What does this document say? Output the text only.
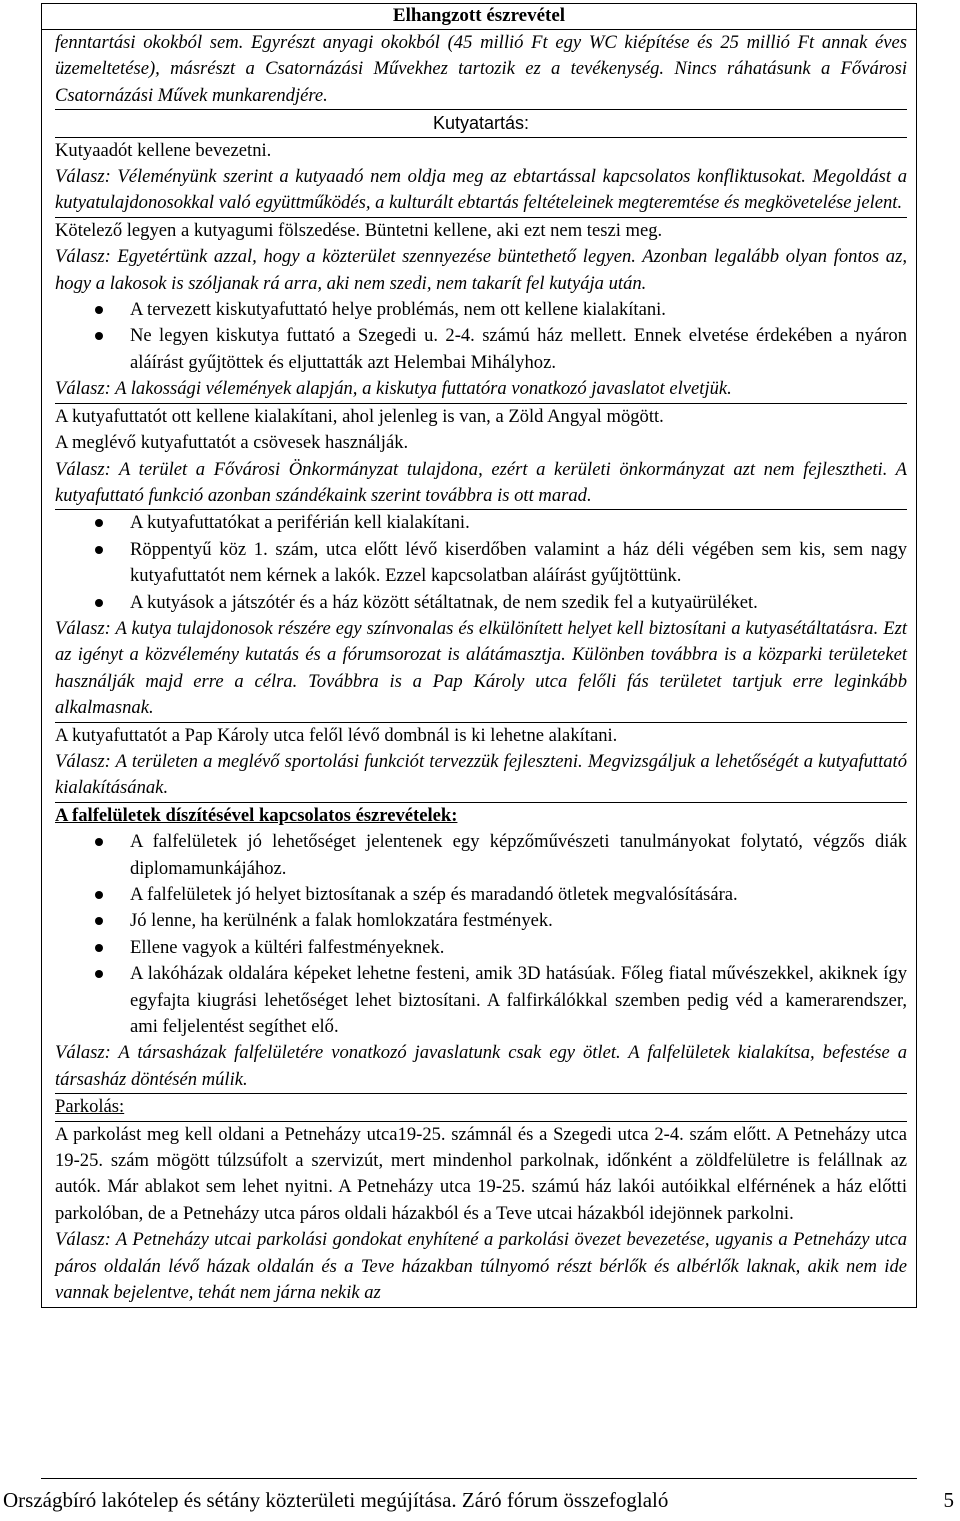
Elhangzott észrevétel
fenntartási okokból sem. Egyrészt anyagi okokból (45 millió Ft egy WC kiépítése és 25 millió Ft annak éves üzemeltetése), másrészt a Csatornázási Művekhez tartozik ez a tevékenység. Nincs ráhatásunk a Fővárosi Csatornázási Művek munkarendjére.
Kutyatartás:
Kutyaadót kellene bevezetni.
Válasz: Véleményünk szerint a kutyaadó nem oldja meg az ebtartással kapcsolatos konfliktusokat. Megoldást a kutyatulajdonosokkal való együttműködés, a kulturált ebtartás feltételeinek megteremtése és megkövetelése jelent.
Kötelező legyen a kutyagumi fölszedése. Büntetni kellene, aki ezt nem teszi meg.
Válasz: Egyetértünk azzal, hogy a közterület szennyezése büntethető legyen. Azonban legalább olyan fontos az, hogy a lakosok is szóljanak rá arra, aki nem szedi, nem takarít fel kutyája után.
A tervezett kiskutyafuttató helye problémás, nem ott kellene kialakítani.
Ne legyen kiskutya futtató a Szegedi u. 2-4. számú ház mellett. Ennek elvetése érdekében a nyáron aláírást gyűjtöttek és eljuttatták azt Helembai Mihályhoz.
Válasz: A lakossági vélemények alapján, a kiskutya futtatóra vonatkozó javaslatot elvetjük.
A kutyafuttatót ott kellene kialakítani, ahol jelenleg is van, a Zöld Angyal mögött.
A meglévő kutyafuttatót a csövesek használják.
Válasz: A terület a Fővárosi Önkormányzat tulajdona, ezért a kerületi önkormányzat azt nem fejlesztheti. A kutyafuttató funkció azonban szándékaink szerint továbbra is ott marad.
A kutyafuttatókat a periférián kell kialakítani.
Röppentyű köz 1. szám, utca előtt lévő kiserdőben valamint a ház déli végében sem kis, sem nagy kutyafuttatót nem kérnek a lakók. Ezzel kapcsolatban aláírást gyűjtöttünk.
A kutyások a játszótér és a ház között sétáltatnak, de nem szedik fel a kutyaürüléket.
Válasz: A kutya tulajdonosok részére egy színvonalas és elkülönített helyet kell biztosítani a kutyasétáltatásra. Ezt az igényt a közvélemény kutatás és a fórumsorozat is alátámasztja. Különben továbbra is a közparki területeket használják majd erre a célra. Továbbra is a Pap Károly utca felőli fás területet tartjuk erre leginkább alkalmasnak.
A kutyafuttatót a Pap Károly utca felől lévő dombnál is ki lehetne alakítani.
Válasz: A területen a meglévő sportolási funkciót tervezzük fejleszteni. Megvizsgáljuk a lehetőségét a kutyafuttató kialakításának.
A falfelületek díszítésével kapcsolatos észrevételek:
A falfelületek jó lehetőséget jelentenek egy képzőművészeti tanulmányokat folytató, végzős diák diplomamunkájához.
A falfelületek jó helyet biztosítanak a szép és maradandó ötletek megvalósítására.
Jó lenne, ha kerülnénk a falak homlokzatára festmények.
Ellene vagyok a kültéri falfestményeknek.
A lakóházak oldalára képeket lehetne festeni, amik 3D hatásúak. Főleg fiatal művészekkel, akiknek így egyfajta kiugrási lehetőséget lehet biztosítani. A falfirkálókkal szemben pedig véd a kamerarendszer, ami feljelentést segíthet elő.
Válasz: A társasházak falfelületére vonatkozó javaslatunk csak egy ötlet. A falfelületek kialakítsa, befestése a társasház döntésén múlik.
Parkolás:
A parkolást meg kell oldani a Petneházy utca19-25. számnál és a Szegedi utca 2-4. szám előtt. A Petneházy utca 19-25. szám mögött túlzsúfolt a szervizút, mert mindenhol parkolnak, időnként a zöldfelületre is felállnak az autók. Már ablakot sem lehet nyitni. A Petneházy utca 19-25. számú ház lakói autóikkal elférnének a ház előtti parkolóban, de a Petneházy utca páros oldali házakból és a Teve utcai házakból idejönnek parkolni.
Válasz: A Petneházy utcai parkolási gondokat enyhítené a parkolási övezet bevezetése, ugyanis a Petneházy utca páros oldalán lévő házak oldalán és a Teve házakban túlnyomó részt bérlők és albérlők laknak, akik nem ide vannak bejelentve, tehát nem járna nekik az
Országbíró lakótelep és sétány közterületi megújítása. Záró fórum összefoglaló	5
